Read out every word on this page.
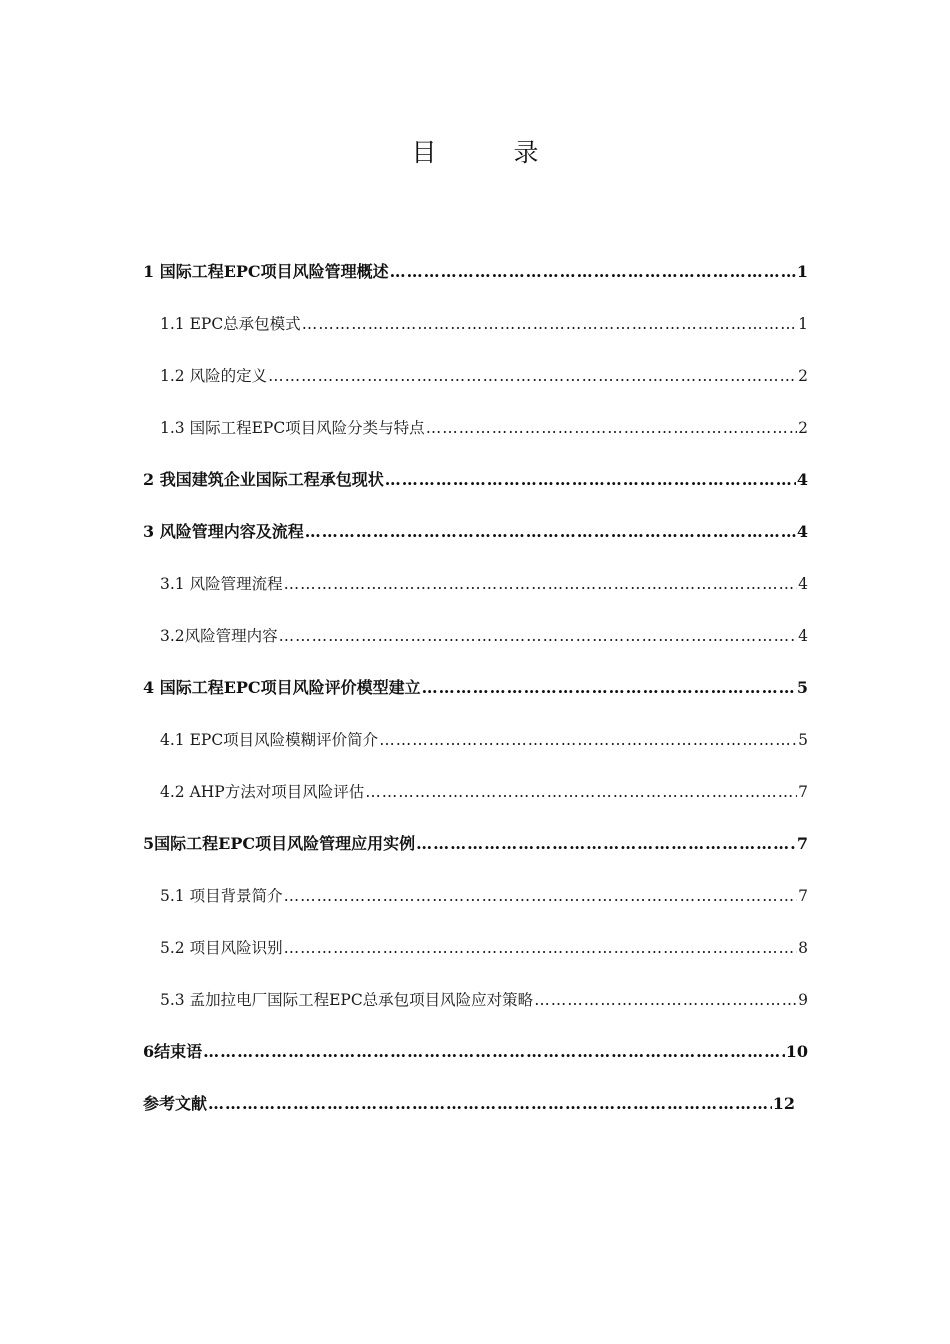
目　录
1 国际工程EPC项目风险管理概述 ………………………………………………………………………………………………………………………………………………………………………………………………………………	1
1.1 EPC总承包模式 ………………………………………………………………………………………………………………………………………………………………………………………………………………	1
1.2 风险的定义 ………………………………………………………………………………………………………………………………………………………………………………………………………………	2
1.3 国际工程EPC项目风险分类与特点 ………………………………………………………………………………………………………………………………………………………………………………………………………………	2
2 我国建筑企业国际工程承包现状 ………………………………………………………………………………………………………………………………………………………………………………………………………………	4
3 风险管理内容及流程 ………………………………………………………………………………………………………………………………………………………………………………………………………………	4
3.1 风险管理流程 ………………………………………………………………………………………………………………………………………………………………………………………………………………	4
3.2风险管理内容 ………………………………………………………………………………………………………………………………………………………………………………………………………………	4
4 国际工程EPC项目风险评价模型建立 ………………………………………………………………………………………………………………………………………………………………………………………………………………	5
4.1 EPC项目风险模糊评价简介 ………………………………………………………………………………………………………………………………………………………………………………………………………………	5
4.2 AHP方法对项目风险评估 ………………………………………………………………………………………………………………………………………………………………………………………………………………	7
5国际工程EPC项目风险管理应用实例 ………………………………………………………………………………………………………………………………………………………………………………………………………………	7
5.1 项目背景简介 ………………………………………………………………………………………………………………………………………………………………………………………………………………	7
5.2 项目风险识别 ………………………………………………………………………………………………………………………………………………………………………………………………………………	8
5.3 孟加拉电厂国际工程EPC总承包项目风险应对策略 ………………………………………………………………………………………………………………………………………………………………………………………………………………	9
6结束语 ………………………………………………………………………………………………………………………………………………………………………………………………………………	10
参考文献 ………………………………………………………………………………………………………………………………………………………………………………………………………………	12
